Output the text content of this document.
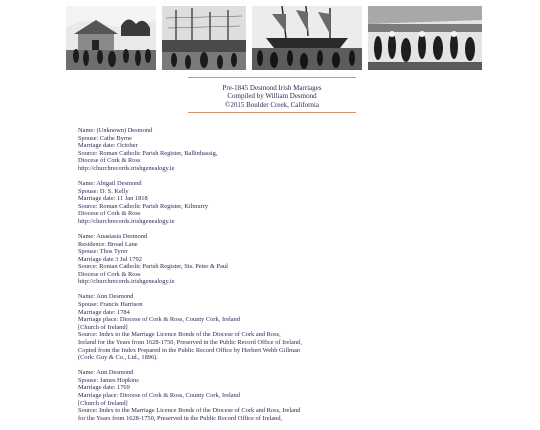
Pre-1845 Desmond Irish Marriages
Compiled by William Desmond
©2015 Boulder Creek, California
Name: (Unknown) Desmond
Spouse: Cathe Byrne
Marriage date: October
Source: Roman Catholic Parish Register, Ballinhassig,
Diocese of Cork & Ross
http://churchrecords.irishgenealogy.ie
Name: Abigail Desmond
Spouse: D. S. Kelly
Marriage date: 11 Jan 1818
Source: Roman Catholic Parish Register, Kilmurry
Diocese of Cork & Ross
http://churchrecords.irishgenealogy.ie
Name: Anastasia Desmond
Residence: Broad Lane
Spouse: Thos Tyrer
Marriage date 3 Jul 1792
Source: Roman Catholic Parish Register, Sts. Peter & Paul
Diocese of Cork & Ross
http://churchrecords.irishgenealogy.ie
Name: Ann Desmond
Spouse: Francis Harrison
Marriage date: 1784
Marriage place: Diocese of Cork & Ross, County Cork, Ireland
[Church of Ireland]
Source: Index to the Marriage Licence Bonds of the Diocese of Cork and Ross,
Ireland for the Years from 1628-1750, Preserved in the Public Record Office of Ireland,
Copied from the Index Prepared in the Public Record Office by Herbert Webb Gillman
(Cork: Guy & Co., Ltd., 1896).
Name: Ann Desmond
Spouse: James Hopkins
Marriage date: 1769
Marriage place: Diocese of Cork & Ross, County Cork, Ireland
[Church of Ireland]
Source: Index to the Marriage Licence Bonds of the Diocese of Cork and Ross, Ireland
for the Years from 1628-1750, Preserved in the Public Record Office of Ireland,
